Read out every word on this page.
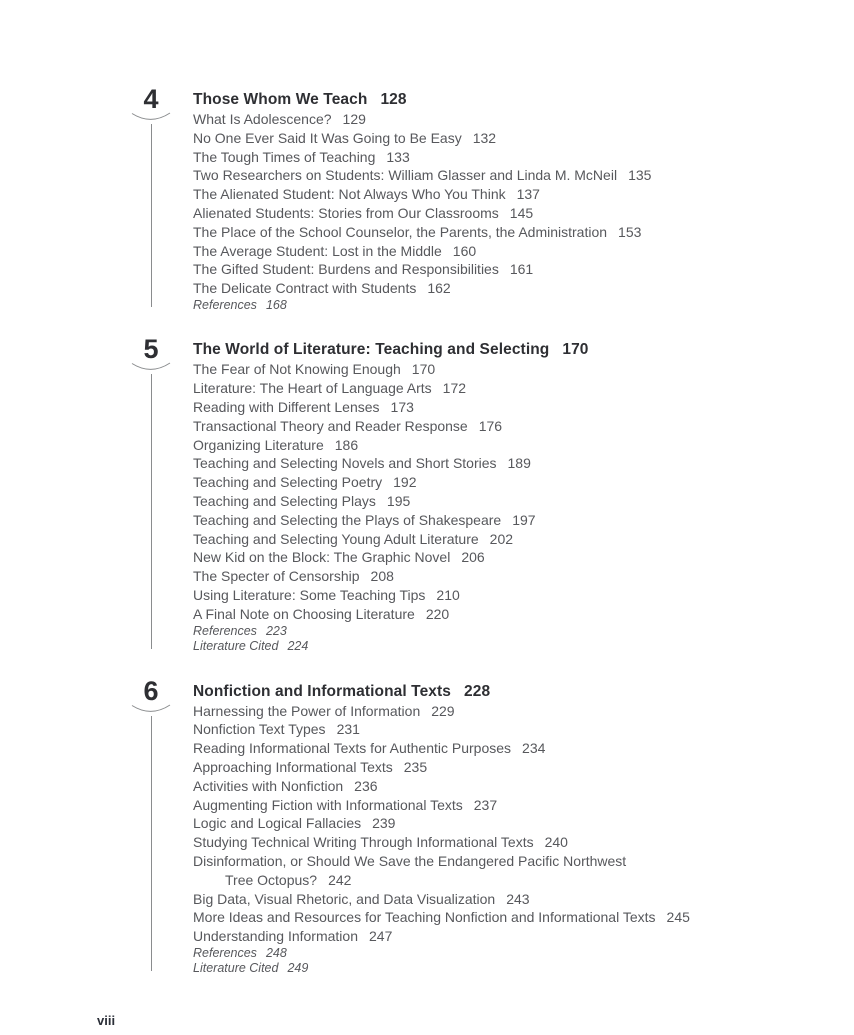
4 Those Whom We Teach 128
What Is Adolescence? 129
No One Ever Said It Was Going to Be Easy 132
The Tough Times of Teaching 133
Two Researchers on Students: William Glasser and Linda M. McNeil 135
The Alienated Student: Not Always Who You Think 137
Alienated Students: Stories from Our Classrooms 145
The Place of the School Counselor, the Parents, the Administration 153
The Average Student: Lost in the Middle 160
The Gifted Student: Burdens and Responsibilities 161
The Delicate Contract with Students 162
References 168
5 The World of Literature: Teaching and Selecting 170
The Fear of Not Knowing Enough 170
Literature: The Heart of Language Arts 172
Reading with Different Lenses 173
Transactional Theory and Reader Response 176
Organizing Literature 186
Teaching and Selecting Novels and Short Stories 189
Teaching and Selecting Poetry 192
Teaching and Selecting Plays 195
Teaching and Selecting the Plays of Shakespeare 197
Teaching and Selecting Young Adult Literature 202
New Kid on the Block: The Graphic Novel 206
The Specter of Censorship 208
Using Literature: Some Teaching Tips 210
A Final Note on Choosing Literature 220
References 223
Literature Cited 224
6 Nonfiction and Informational Texts 228
Harnessing the Power of Information 229
Nonfiction Text Types 231
Reading Informational Texts for Authentic Purposes 234
Approaching Informational Texts 235
Activities with Nonfiction 236
Augmenting Fiction with Informational Texts 237
Logic and Logical Fallacies 239
Studying Technical Writing Through Informational Texts 240
Disinformation, or Should We Save the Endangered Pacific Northwest
Tree Octopus? 242
Big Data, Visual Rhetoric, and Data Visualization 243
More Ideas and Resources for Teaching Nonfiction and Informational Texts 245
Understanding Information 247
References 248
Literature Cited 249
viii
